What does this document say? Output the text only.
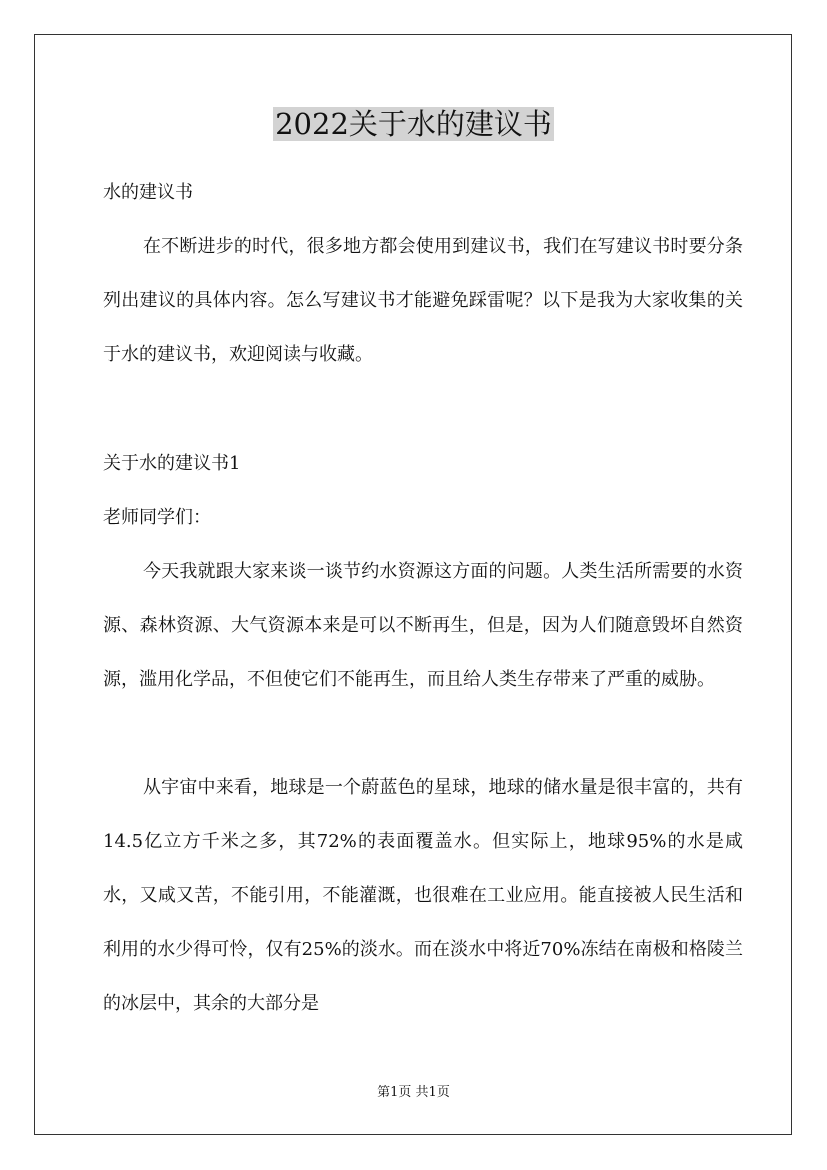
2022关于水的建议书

水的建议书

在不断进步的时代，很多地方都会使用到建议书，我们在写建议书时要分条列出建议的具体内容。怎么写建议书才能避免踩雷呢？以下是我为大家收集的关于水的建议书，欢迎阅读与收藏。

关于水的建议书1

老师同学们：

今天我就跟大家来谈一谈节约水资源这方面的问题。人类生活所需要的水资源、森林资源、大气资源本来是可以不断再生，但是，因为人们随意毁坏自然资源，滥用化学品，不但使它们不能再生，而且给人类生存带来了严重的威胁。

从宇宙中来看，地球是一个蔚蓝色的星球，地球的储水量是很丰富的，共有14.5亿立方千米之多，其72%的表面覆盖水。但实际上，地球95%的水是咸水，又咸又苦，不能引用，不能灌溉，也很难在工业应用。能直接被人民生活和利用的水少得可怜，仅有25%的淡水。而在淡水中将近70%冻结在南极和格陵兰的冰层中，其余的大部分是

第1页 共1页
